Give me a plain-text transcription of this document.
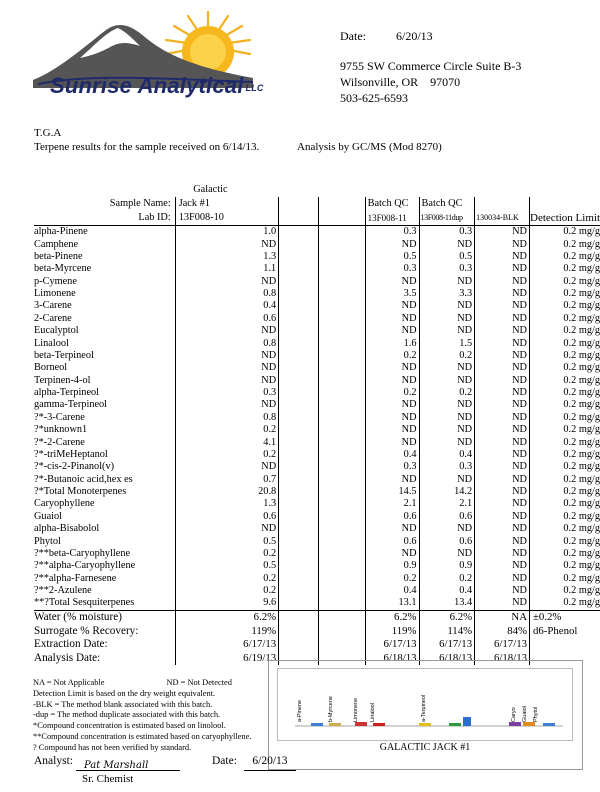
Sunrise Analytical LLC
Date:	6/20/13
9755 SW Commerce Circle Suite B-3
Wilsonville, OR    97070
503-625-6593
T.G.A
Terpene results for the sample received on 6/14/13.	Analysis by GC/MS (Mod 8270)
	Galactic						
Sample Name:	Jack #1			Batch QC	Batch QC		
Lab ID:	13F008-10			13F008-11	13F008-11dup	130034-BLK	Detection Limit
alpha-Pinene	1.0			0.3	0.3	ND	0.2 mg/g
Camphene	ND			ND	ND	ND	0.2 mg/g
beta-Pinene	1.3			0.5	0.5	ND	0.2 mg/g
beta-Myrcene	1.1			0.3	0.3	ND	0.2 mg/g
p-Cymene	ND			ND	ND	ND	0.2 mg/g
Limonene	0.8			3.5	3.3	ND	0.2 mg/g
3-Carene	0.4			ND	ND	ND	0.2 mg/g
2-Carene	0.6			ND	ND	ND	0.2 mg/g
Eucalyptol	ND			ND	ND	ND	0.2 mg/g
Linalool	0.8			1.6	1.5	ND	0.2 mg/g
beta-Terpineol	ND			0.2	0.2	ND	0.2 mg/g
Borneol	ND			ND	ND	ND	0.2 mg/g
Terpinen-4-ol	ND			ND	ND	ND	0.2 mg/g
alpha-Terpineol	0.3			0.2	0.2	ND	0.2 mg/g
gamma-Terpineol	ND			ND	ND	ND	0.2 mg/g
?*-3-Carene	0.8			ND	ND	ND	0.2 mg/g
?*unknown1	0.2			ND	ND	ND	0.2 mg/g
?*-2-Carene	4.1			ND	ND	ND	0.2 mg/g
?*-triMeHeptanol	0.2			0.4	0.4	ND	0.2 mg/g
?*-cis-2-Pinanol(v)	ND			0.3	0.3	ND	0.2 mg/g
?*-Butanoic acid,hex es	0.7			ND	ND	ND	0.2 mg/g
?*Total Monoterpenes	20.8			14.5	14.2	ND	0.2 mg/g
Caryophyllene	1.3			2.1	2.1	ND	0.2 mg/g
Guaiol	0.6			0.6	0.6	ND	0.2 mg/g
alpha-Bisabolol	ND			ND	ND	ND	0.2 mg/g
Phytol	0.5			0.6	0.6	ND	0.2 mg/g
?**beta-Caryophyllene	0.2			ND	ND	ND	0.2 mg/g
?**alpha-Caryophyllene	0.5			0.9	0.9	ND	0.2 mg/g
?**alpha-Farnesene	0.2			0.2	0.2	ND	0.2 mg/g
?**2-Azulene	0.2			0.4	0.4	ND	0.2 mg/g
**?Total Sesquiterpenes	9.6			13.1	13.4	ND	0.2 mg/g
Water (% moisture)	6.2%			6.2%	6.2%	NA	±0.2%
Surrogate % Recovery:	119%			119%	114%	84%	d6-Phenol
Extraction Date:	6/17/13			6/17/13	6/17/13	6/17/13	
Analysis Date:	6/19/13			6/18/13	6/18/13	6/18/13	
NA = Not Applicable	ND = Not Detected
Detection Limit is based on the dry weight equivalent.
-BLK = The method blank associated with this batch.
-dup = The method duplicate associated with this batch.
*Compound concentration is estimated based on linolool.
**Compound concentration is estimated based on caryophyllene.
? Compound has not been verified by standard.
a-Pinene	b-Myrcene	Limonene Linalool	a-Terpineol	Caryo Guaiol Phytol
GALACTIC JACK #1
Analyst:	Pat Marshall
Sr. Chemist
Date:	6/20/13
